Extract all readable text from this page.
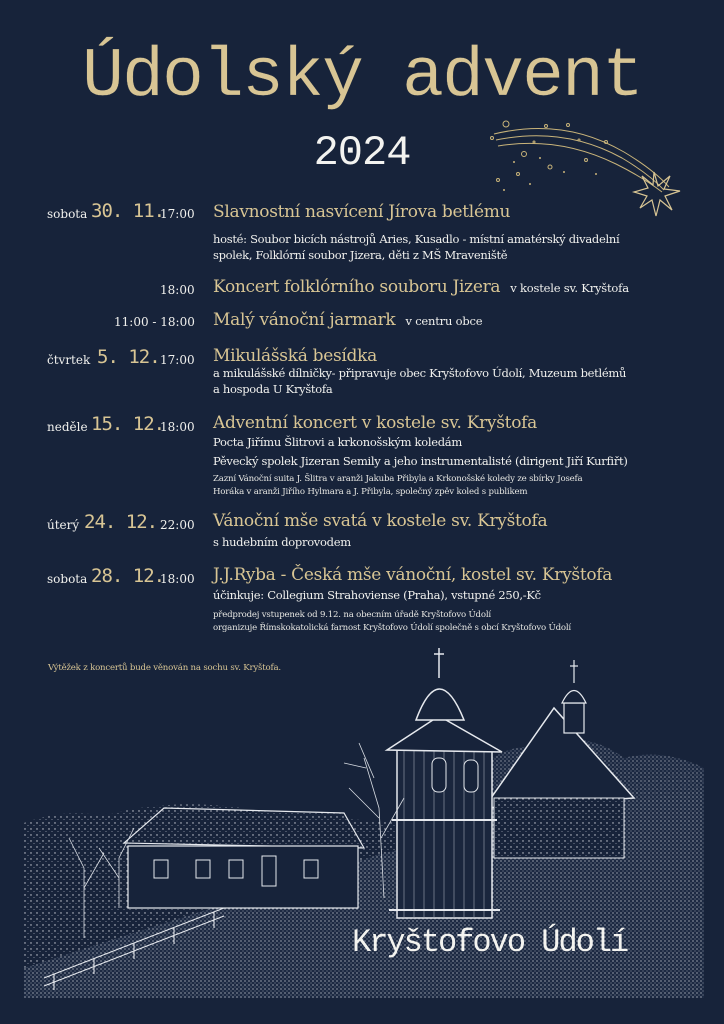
Údolský advent
2024
sobota 30. 11.
17:00 Slavnostní nasvícení Jírova betlému
hosté: Soubor bicích nástrojů Aries, Kusadlo - místní amatérský divadelní
spolek, Folklórní soubor Jizera, děti z MŠ Mraveniště
18:00 Koncert folklórního souboru Jizera v kostele sv. Kryštofa
11:00 - 18:00 Malý vánoční jarmark v centru obce
čtvrtek 5. 12. 17:00 Mikulášská besídka
a mikulášské dílničky- připravuje obec Kryštofovo Údolí, Muzeum betlémů
a hospoda U Kryštofa
neděle 15. 12.
18:00 Adventní koncert v kostele sv. Kryštofa
Pocta Jiřímu Šlitrovi a krkonošským koledám
Pěvecký spolek Jizeran Semily a jeho instrumentalisté (dirigent Jiří Kurfiřt)
Zazní Vánoční suita J. Šlitra v aranži Jakuba Přibyla a Krkonošské koledy ze sbírky Josefa
Horáka v aranži Jiřího Hylmara a J. Přibyla, společný zpěv koled s publikem
úterý 24. 12. 22:00 Vánoční mše svatá v kostele sv. Kryštofa
s hudebním doprovodem
sobota 28. 12.
18:00 J.J.Ryba - Česká mše vánoční, kostel sv. Kryštofa
účinkuje: Collegium Strahoviense (Praha), vstupné 250,-Kč
předprodej vstupenek od 9.12. na obecním úřadě Kryštofovo Údolí
organizuje Římskokatolická farnost Kryštofovo Údolí společně s obcí Kryštofovo Údolí
Výtěžek z koncertů bude věnován na sochu sv. Kryštofa.
Kryštofovo Údolí
